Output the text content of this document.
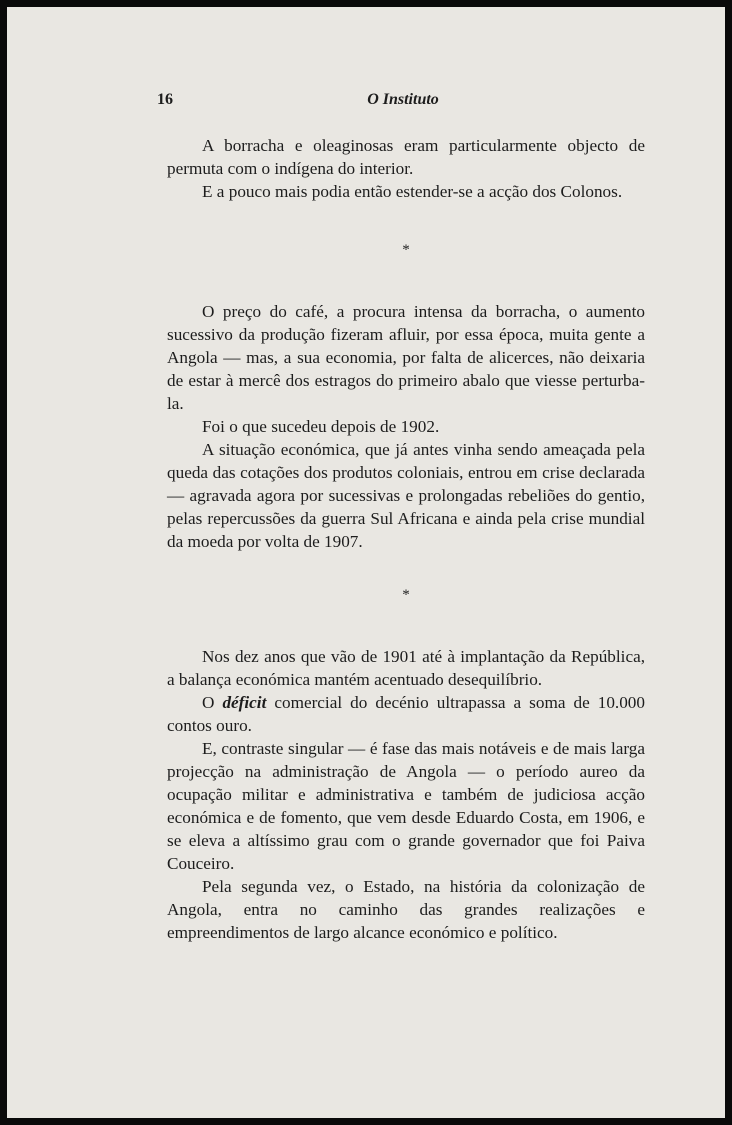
16	O Instituto

A borracha e oleaginosas eram particularmente objecto de permuta com o indígena do interior.

E a pouco mais podia então estender-se a acção dos Colonos.

*

O preço do café, a procura intensa da borracha, o aumento sucessivo da produção fizeram afluir, por essa época, muita gente a Angola — mas, a sua economia, por falta de alicerces, não deixaria de estar à mercê dos estragos do primeiro abalo que viesse perturba-la.

Foi o que sucedeu depois de 1902.

A situação económica, que já antes vinha sendo ameaçada pela queda das cotações dos produtos coloniais, entrou em crise declarada — agravada agora por sucessivas e prolongadas rebeliões do gentio, pelas repercussões da guerra Sul Africana e ainda pela crise mundial da moeda por volta de 1907.

*

Nos dez anos que vão de 1901 até à implantação da República, a balança económica mantém acentuado desequilíbrio.

O déficit comercial do decénio ultrapassa a soma de 10.000 contos ouro.

E, contraste singular — é fase das mais notáveis e de mais larga projecção na administração de Angola — o período aureo da ocupação militar e administrativa e também de judiciosa acção económica e de fomento, que vem desde Eduardo Costa, em 1906, e se eleva a altíssimo grau com o grande governador que foi Paiva Couceiro.

Pela segunda vez, o Estado, na história da colonização de Angola, entra no caminho das grandes realizações e empreendimentos de largo alcance económico e político.
